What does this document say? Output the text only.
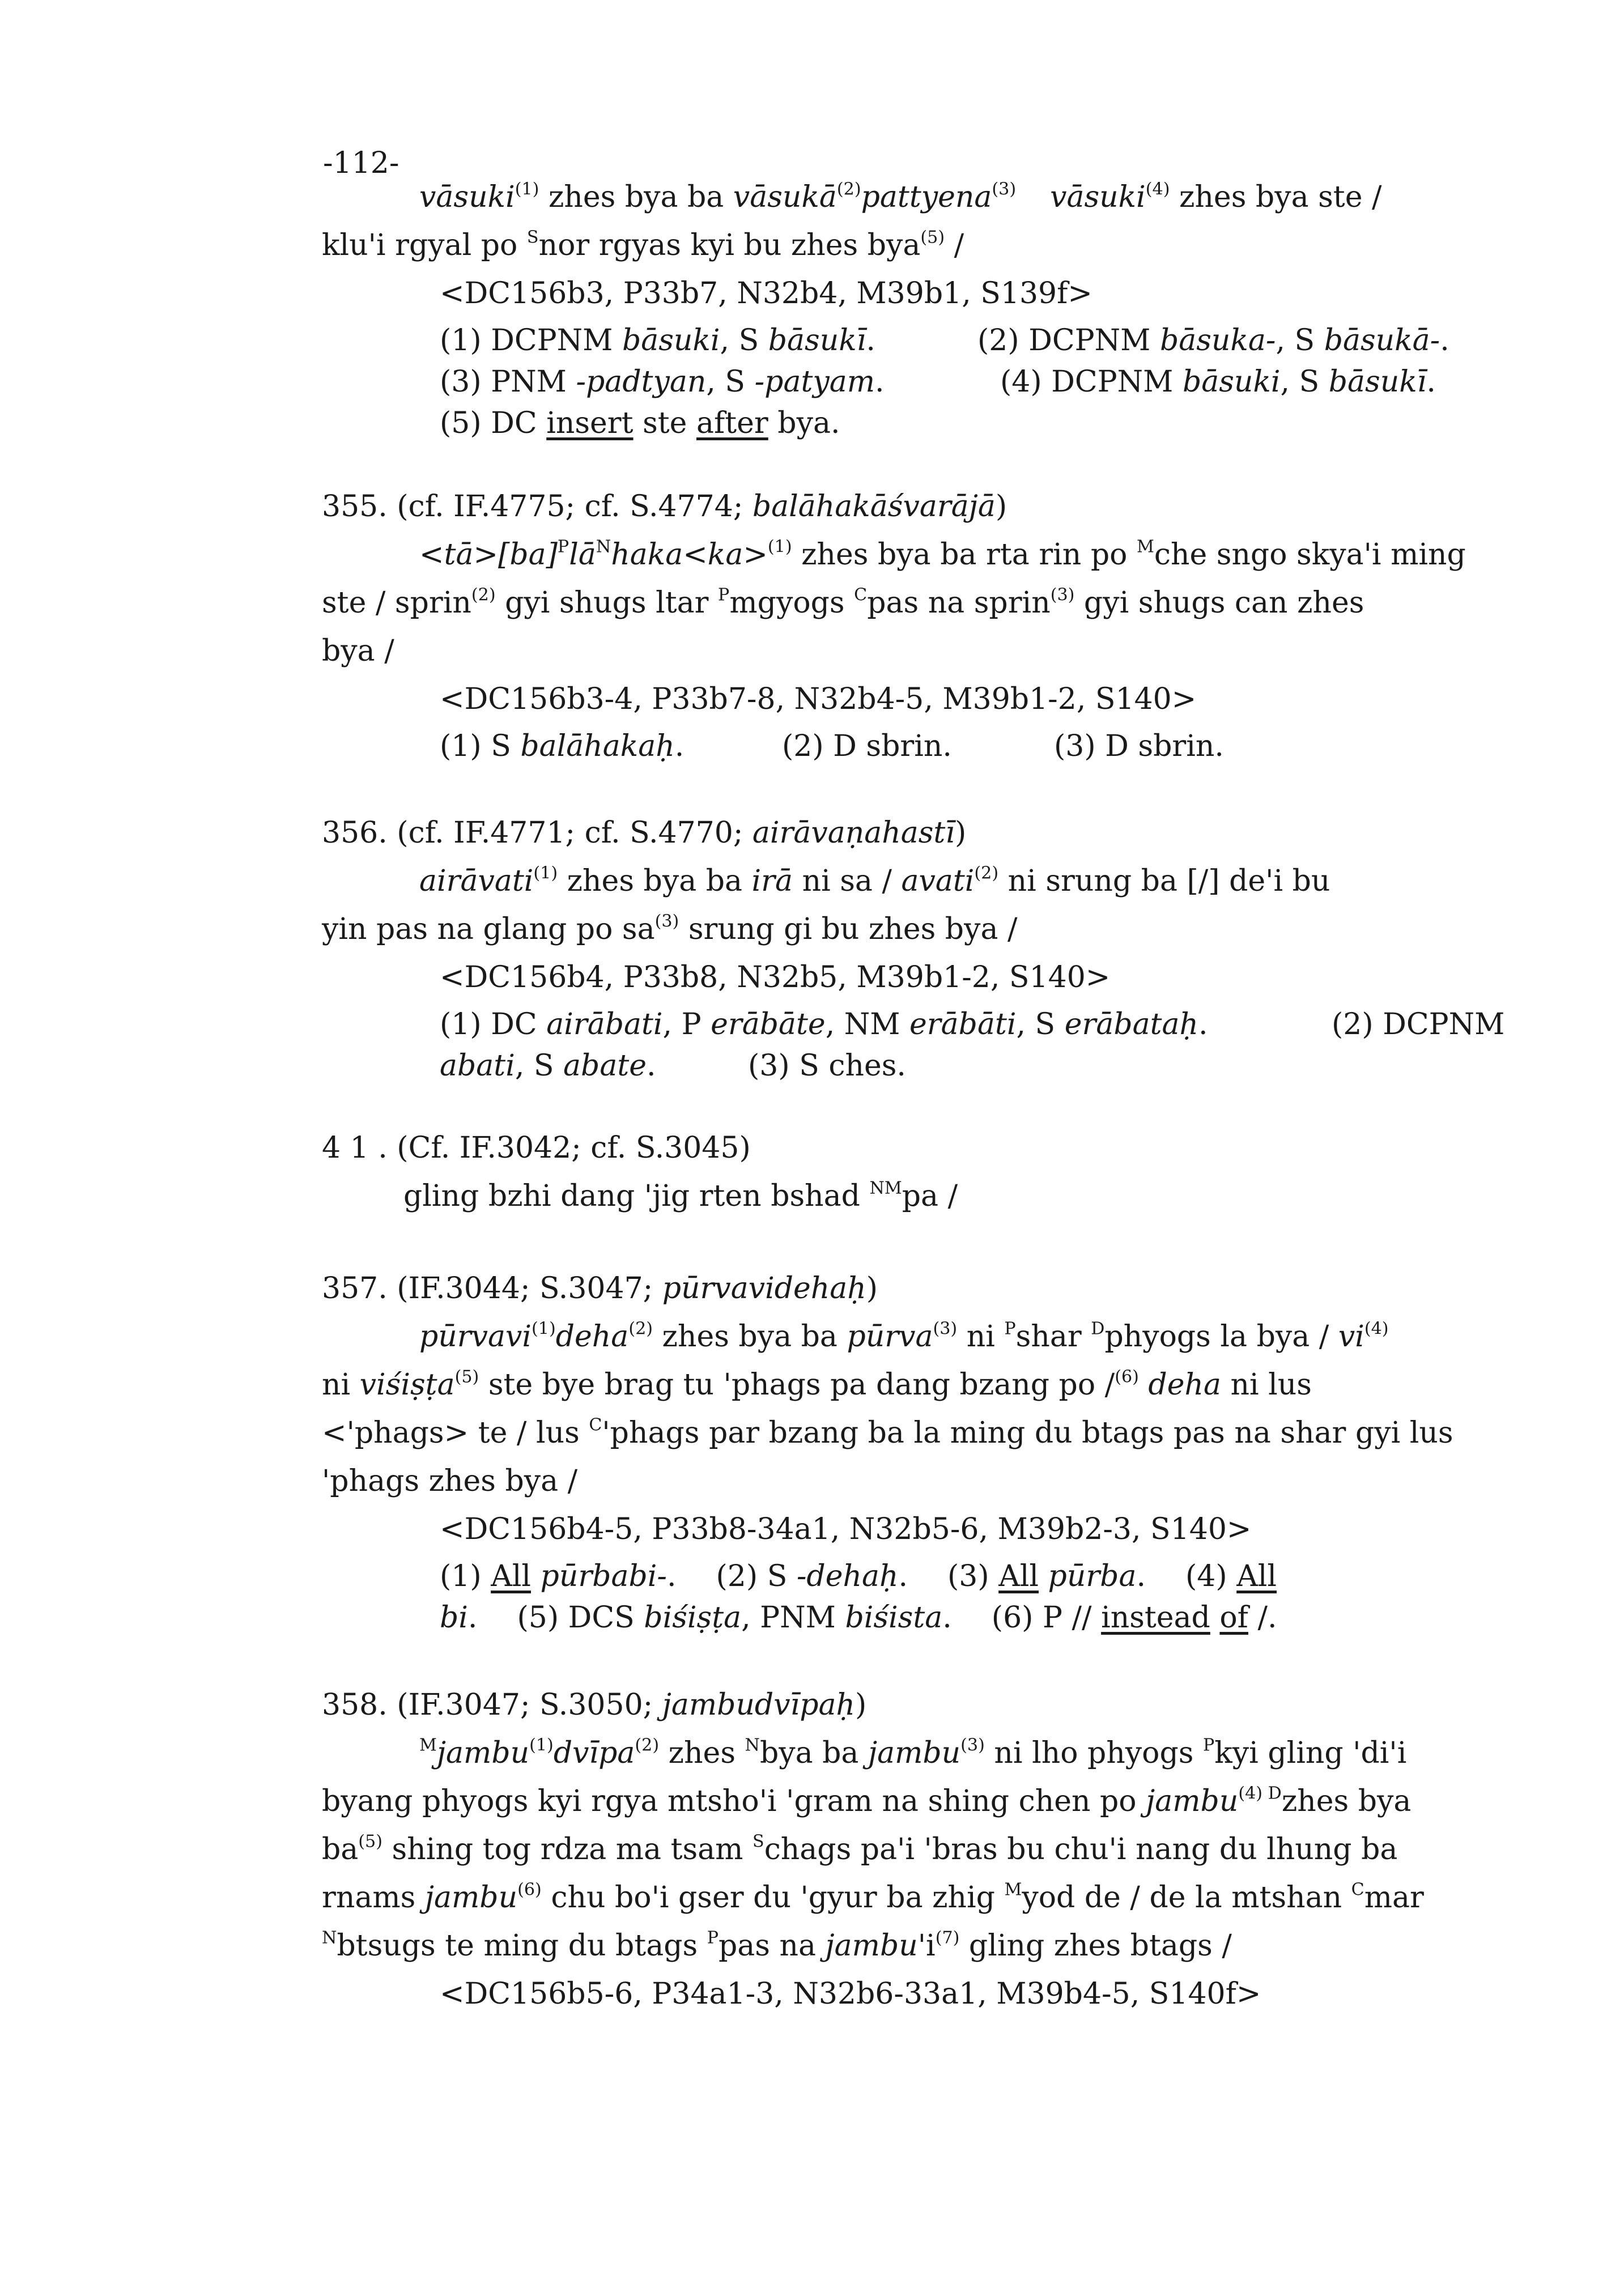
-112-
vāsuki$^{(1)}$ zhes bya ba vāsukā$^{(2)}$pattyena$^{(3)}$ vāsuki$^{(4)}$ zhes bya ste /
klu'i rgyal po $^S$nor rgyas kyi bu zhes bya$^{(5)}$ /
<DC156b3, P33b7, N32b4, M39b1, S139f>
(1) DCPNM bāsuki, S bāsukī.	(2) DCPNM bāsuka-, S bāsukā-.
(3) PNM -padtyan, S -patyam.	(4) DCPNM bāsuki, S bāsukī.
(5) DC insert ste after bya.
355. (cf. IF.4775; cf. S.4774; balāhakāśvarājā)
$<tā>[ba]^Plā^Nhaka<ka>^{(1)}$ zhes bya ba rta rin po $^M$che sngo skya'i ming
ste / sprin$^{(2)}$ gyi shugs ltar $^P$mgyogs $^C$pas na sprin$^{(3)}$ gyi shugs can zhes
bya /
<DC156b3-4, P33b7-8, N32b4-5, M39b1-2, S140>
(1) S balāhakaḥ.	(2) D sbrin.	(3) D sbrin.
356. (cf. IF.4771; cf. S.4770; airāvaṇahastī)
airāvati$^{(1)}$ zhes bya ba irā ni sa / avati$^{(2)}$ ni srung ba [/] de'i bu
yin pas na glang po $sa^{(3)}$ srung gi bu zhes bya /
<DC156b4, P33b8, N32b5, M39b1-2, S140>
(1) DC airābati, P erābāte, NM erābāti, S erābataḥ.	(2) DCPNM
abati, S abate.	(3) S ches.
4 1 . (Cf. IF.3042; cf. S.3045)
gling bzhi dang 'jig rten bshad $^{NM}$pa /
357. (IF.3044; S.3047; pūrvavidehaḥ)
pūrvavi$^{(1)}$deha$^{(2)}$ zhes bya ba pūrva$^{(3)}$ ni $^P$shar $^D$phyogs la bya / $vi^{(4)}$
ni viśiṣṭa$^{(5)}$ ste bye brag tu 'phags pa dang bzang po /$^{(6)}$ deha ni lus
<'phags> te / lus $^C$'phags par bzang ba la ming du btags pas na shar gyi lus
'phags zhes bya /
<DC156b4-5, P33b8-34a1, N32b5-6, M39b2-3, S140>
(1) All pūrbabi-. (2) S -dehaḥ. (3) All pūrba. (4) All
bi. (5) DCS biśiṣṭa, PNM biśista. (6) P // instead of /.
358. (IF.3047; S.3050; jambudvīpaḥ)
$^M$jambu$^{(1)}$dvīpa$^{(2)}$ zhes $^N$bya ba jambu$^{(3)}$ ni lho phyogs $^P$kyi gling 'di'i
byang phyogs kyi rgya mtsho'i 'gram na shing chen po jambu$^{(4)}$ $^D$zhes bya
$ba^{(5)}$ shing tog rdza ma tsam $^S$chags pa'i 'bras bu chu'i nang du lhung ba
rnams jambu$^{(6)}$ chu bo'i gser du 'gyur ba zhig $^M$yod de / de la mtshan $^C$mar
$^N$btsugs te ming du btags $^P$pas na $jambu'i^{(7)}$ gling zhes btags /
<DC156b5-6, P34a1-3, N32b6-33a1, M39b4-5, S140f>
